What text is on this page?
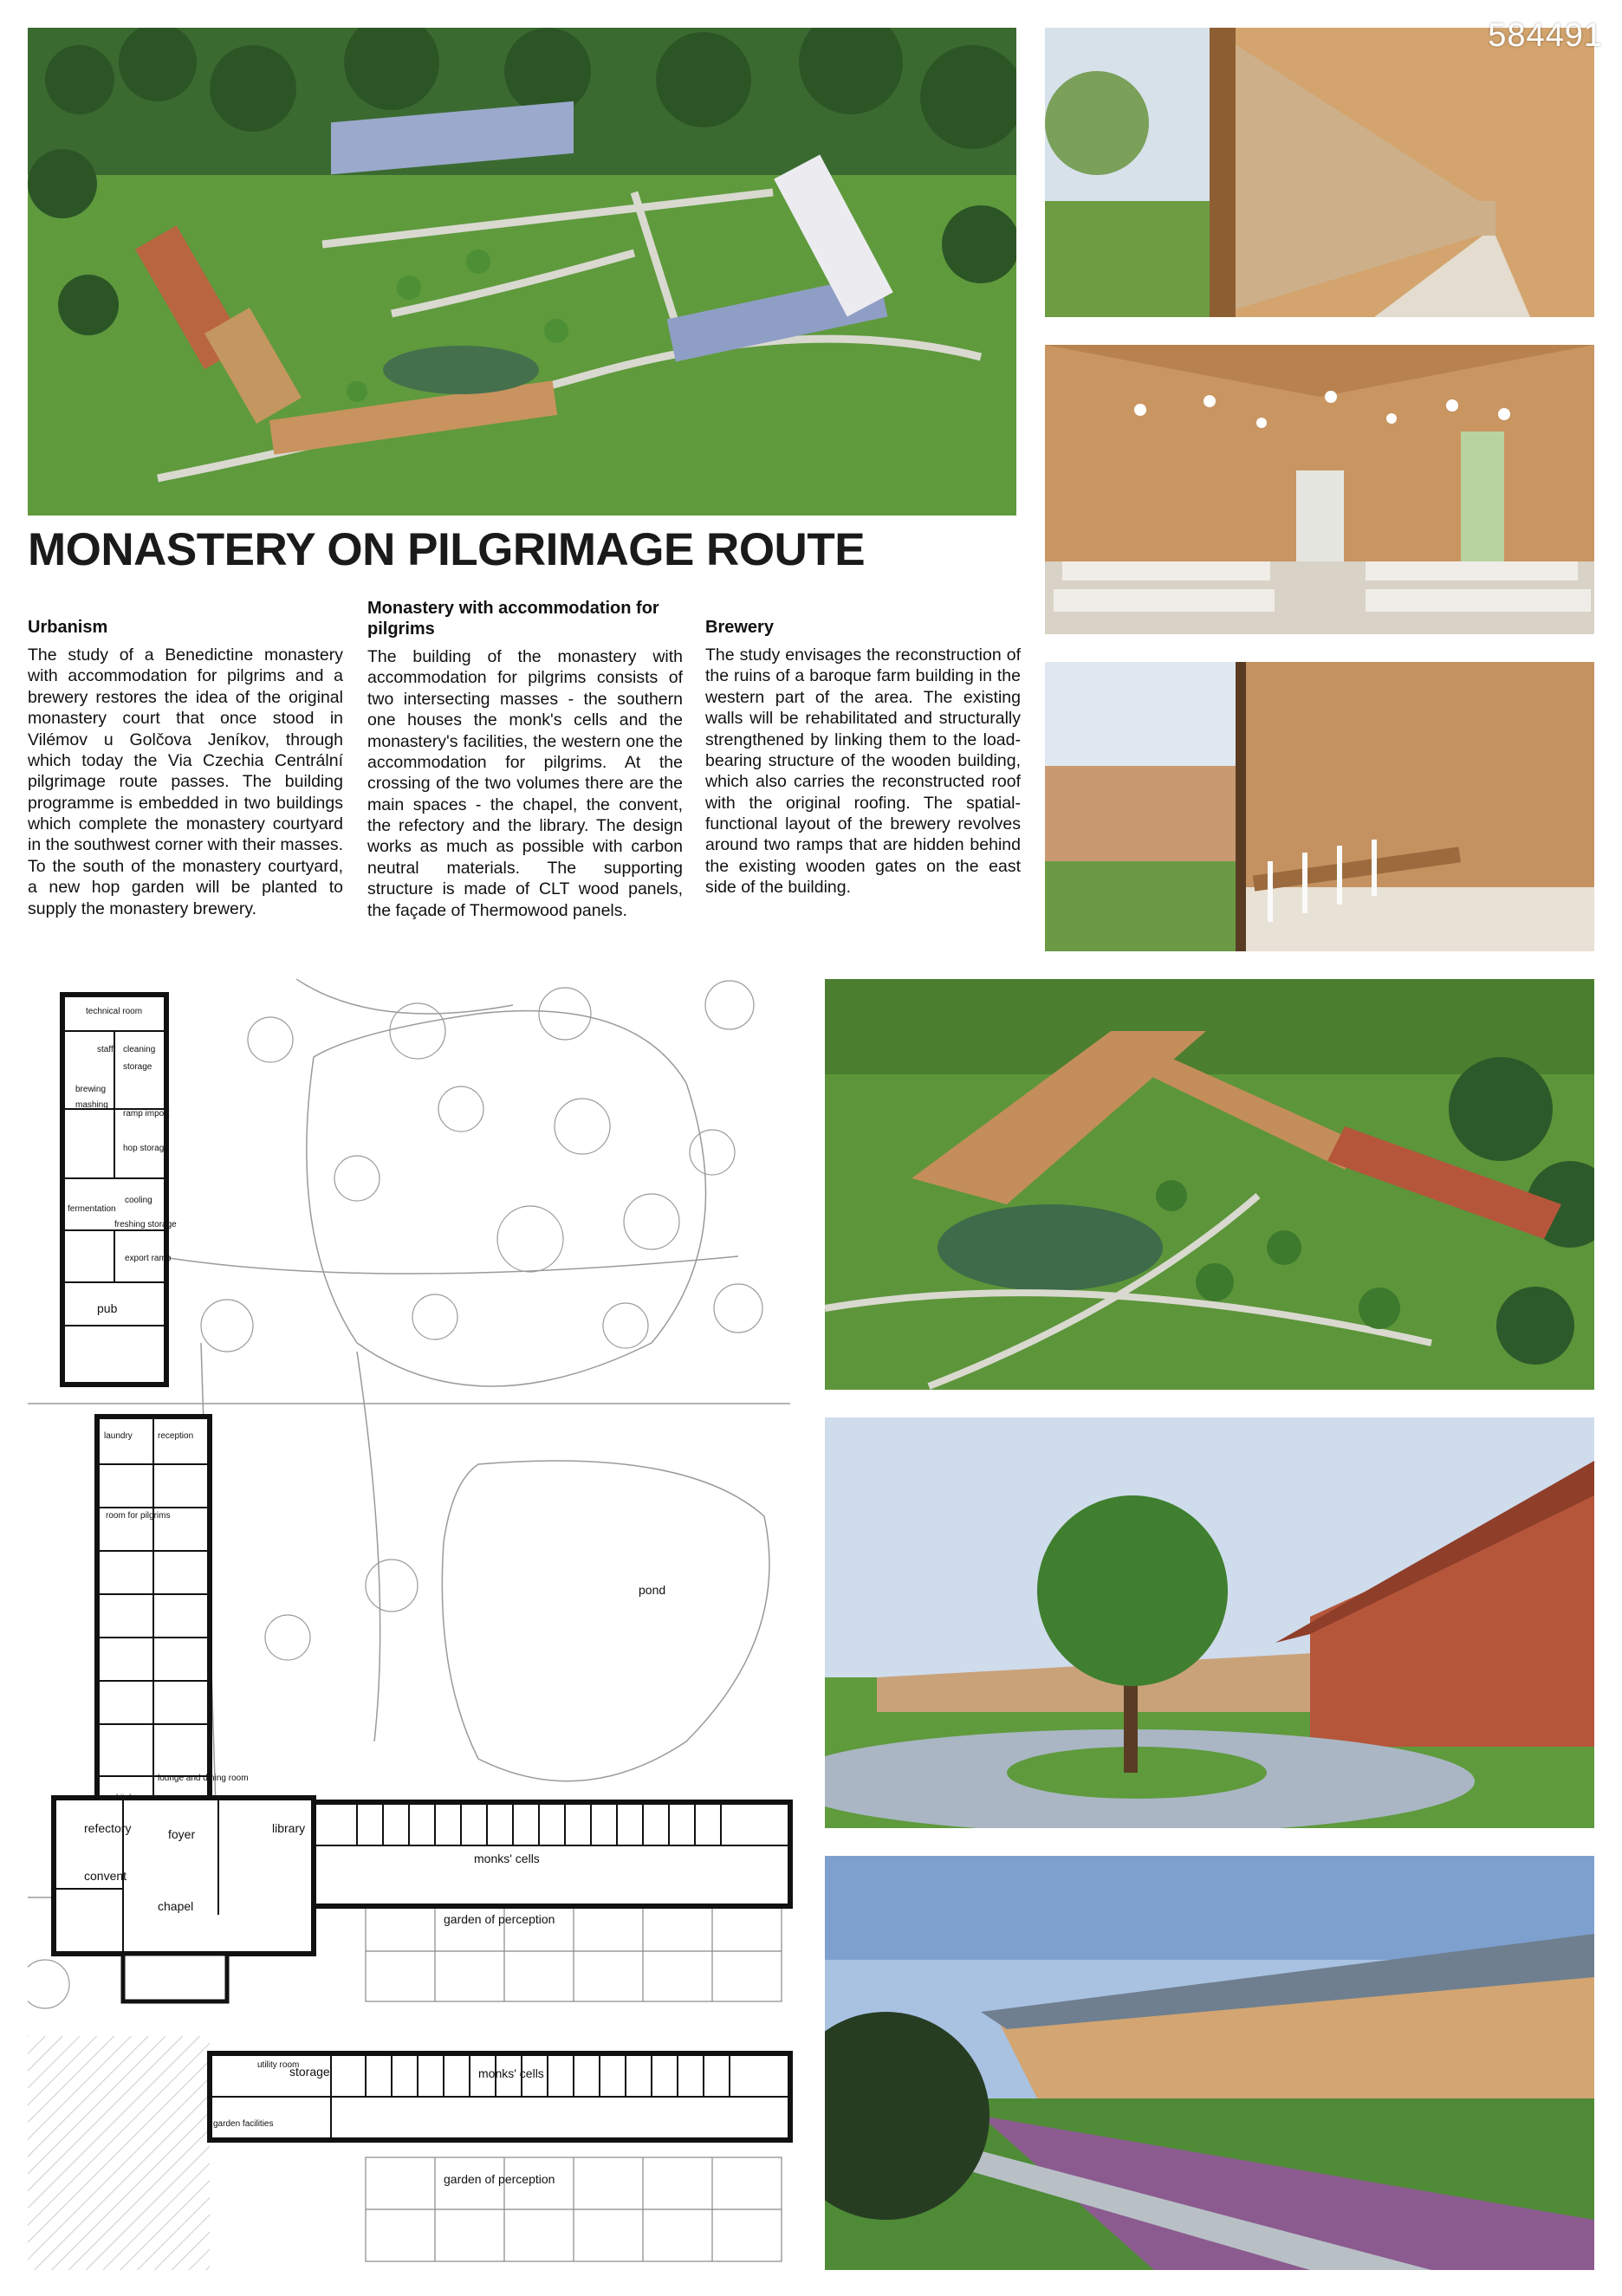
584491
MONASTERY ON PILGRIMAGE ROUTE
Urbanism

The study of a Benedictine monastery with accommodation for pilgrims and a brewery restores the idea of the original monastery court that once stood in Vilémov u Golčova Jeníkov, through which today the Via Czechia Centrální pilgrimage route passes. The building programme is embedded in two buildings which complete the monastery courtyard in the southwest corner with their masses. To the south of the monastery courtyard, a new hop garden will be planted to supply the monastery brewery.

Monastery with accommodation for pilgrims

The building of the monastery with accommodation for pilgrims consists of two intersecting masses - the southern one houses the monk's cells and the monastery's facilities, the western one the accommodation for pilgrims. At the crossing of the two volumes there are the main spaces - the chapel, the convent, the refectory and the library. The design works as much as possible with carbon neutral materials. The supporting structure is made of CLT wood panels, the façade of Thermowood panels.

Brewery

The study envisages the reconstruction of the ruins of a baroque farm building in the western part of the area. The existing walls will be rehabilitated and structurally strengthened by linking them to the load-bearing structure of the wooden building, which also carries the reconstructed roof with the original roofing. The spatial-functional layout of the brewery revolves around two ramps that are hidden behind the existing wooden gates on the east side of the building.

technical room
staff cleaning
storage
brewing
mashing
ramp import
hop storage
cooling
fermentation
freshing storage
export ramp
room for pilgrims
reception
laundry
kitchen
lounge and dining room
pub
refectory	foyer	library
monks' cells
convent
chapel
garden of perception
pond
utility room
garden facilities
storage	monks' cells
garden of perception
